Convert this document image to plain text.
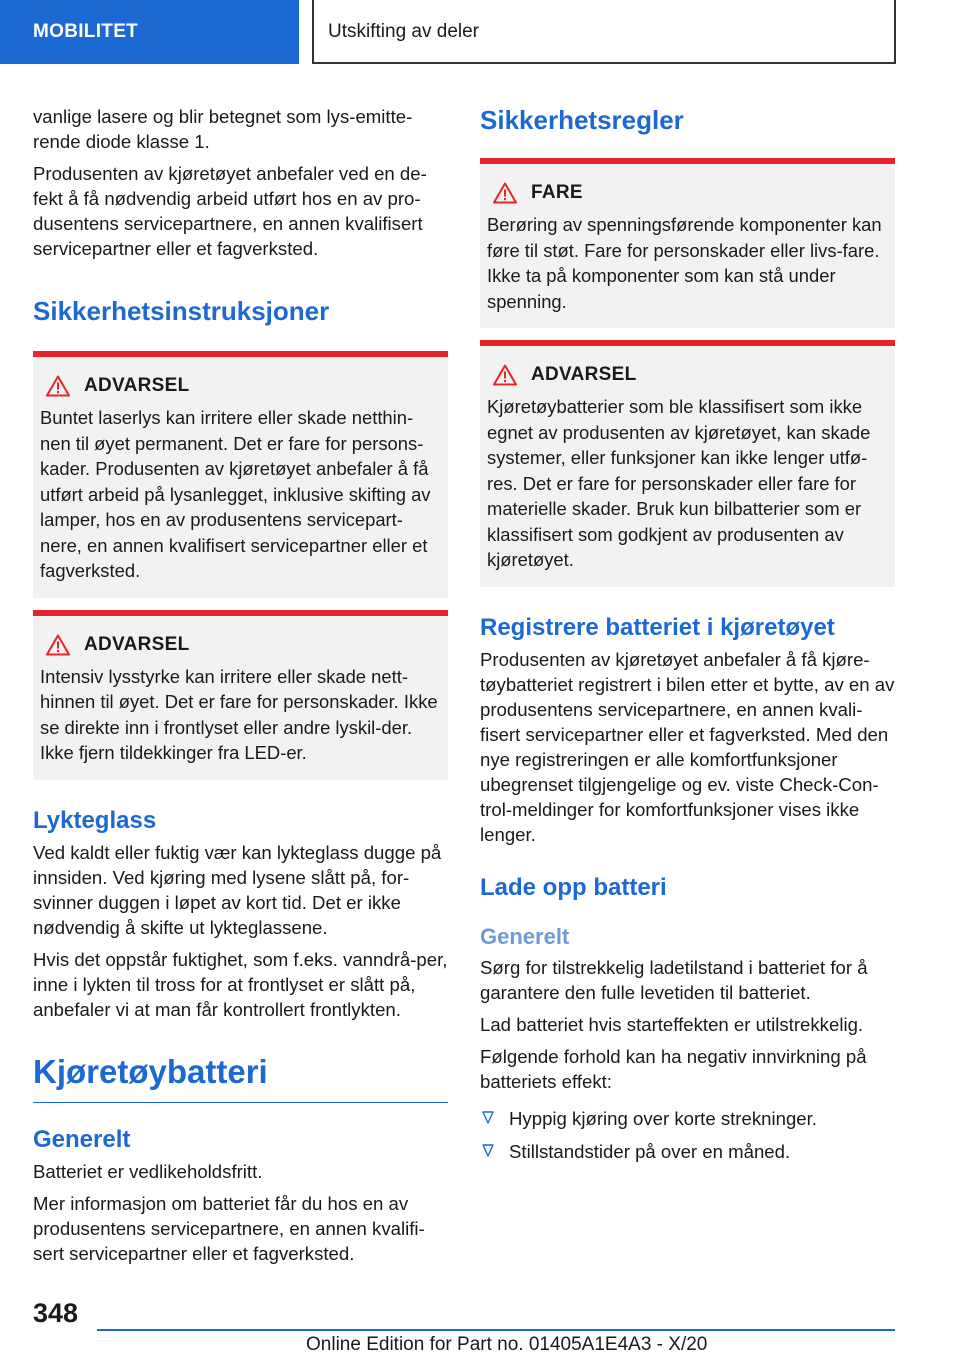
MOBILITET	Utskifting av deler

vanlige lasere og blir betegnet som lys-emitte-rende diode klasse 1.

Produsenten av kjøretøyet anbefaler ved en de-fekt å få nødvendig arbeid utført hos en av pro-dusentens servicepartnere, en annen kvalifisert servicepartner eller et fagverksted.

Sikkerhetsinstruksjoner
ADVARSEL

Buntet laserlys kan irritere eller skade netthin-nen til øyet permanent. Det er fare for persons-kader. Produsenten av kjøretøyet anbefaler å få utført arbeid på lysanlegget, inklusive skifting av lamper, hos en av produsentens servicepart-nere, en annen kvalifisert servicepartner eller et fagverksted.

ADVARSEL

Intensiv lysstyrke kan irritere eller skade nett-hinnen til øyet. Det er fare for personskader. Ikke se direkte inn i frontlyset eller andre lyskil-der. Ikke fjern tildekkinger fra LED-er.

Lykteglass

Ved kaldt eller fuktig vær kan lykteglass dugge på innsiden. Ved kjøring med lysene slått på, for-svinner duggen i løpet av kort tid. Det er ikke nødvendig å skifte ut lykteglassene.

Hvis det oppstår fuktighet, som f.eks. vanndrå-per, inne i lykten til tross for at frontlyset er slått på, anbefaler vi at man får kontrollert frontlykten.

Kjøretøybatteri
Generelt

Batteriet er vedlikeholdsfritt.

Mer informasjon om batteriet får du hos en av produsentens servicepartnere, en annen kvalifi-sert servicepartner eller et fagverksted.

Sikkerhetsregler
FARE

Berøring av spenningsførende komponenter kan føre til støt. Fare for personskader eller livs-fare. Ikke ta på komponenter som kan stå under spenning.

ADVARSEL

Kjøretøybatterier som ble klassifisert som ikke egnet av produsenten av kjøretøyet, kan skade systemer, eller funksjoner kan ikke lenger utfø-res. Det er fare for personskader eller fare for materielle skader. Bruk kun bilbatterier som er klassifisert som godkjent av produsenten av kjøretøyet.

Registrere batteriet i kjøretøyet

Produsenten av kjøretøyet anbefaler å få kjøre-tøybatteriet registrert i bilen etter et bytte, av en av produsentens servicepartnere, en annen kvali-fisert servicepartner eller et fagverksted. Med den nye registreringen er alle komfortfunksjoner ubegrenset tilgjengelige og ev. viste Check-Con-trol-meldinger for komfortfunksjoner vises ikke lenger.

Lade opp batteri
Generelt

Sørg for tilstrekkelig ladetilstand i batteriet for å garantere den fulle levetiden til batteriet.

Lad batteriet hvis starteffekten er utilstrekkelig.

Følgende forhold kan ha negativ innvirkning på batteriets effekt:

Hyppig kjøring over korte strekninger.
Stillstandstider på over en måned.
348
Online Edition for Part no. 01405A1E4A3 - X/20
